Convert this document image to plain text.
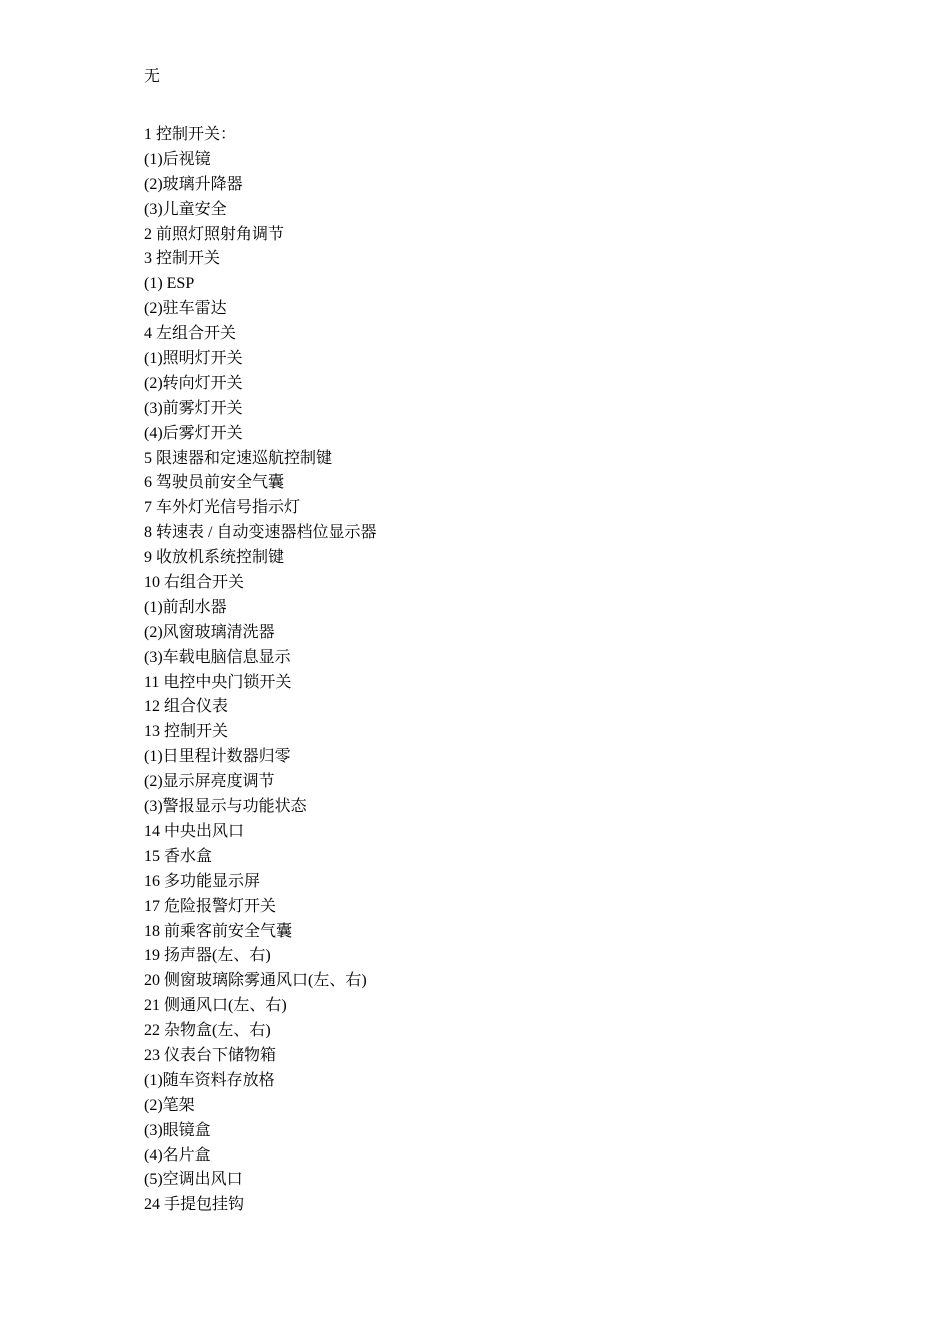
无
1 控制开关：
(1)后视镜
(2)玻璃升降器
(3)儿童安全
2 前照灯照射角调节
3 控制开关
(1) ESP
(2)驻车雷达
4 左组合开关
(1)照明灯开关
(2)转向灯开关
(3)前雾灯开关
(4)后雾灯开关
5 限速器和定速巡航控制键
6 驾驶员前安全气囊
7 车外灯光信号指示灯
8 转速表 / 自动变速器档位显示器
9 收放机系统控制键
10 右组合开关
(1)前刮水器
(2)风窗玻璃清洗器
(3)车载电脑信息显示
11 电控中央门锁开关
12 组合仪表
13 控制开关
(1)日里程计数器归零
(2)显示屏亮度调节
(3)警报显示与功能状态
14 中央出风口
15 香水盒
16 多功能显示屏
17 危险报警灯开关
18 前乘客前安全气囊
19 扬声器(左、右)
20 侧窗玻璃除雾通风口(左、右)
21 侧通风口(左、右)
22 杂物盒(左、右)
23 仪表台下储物箱
(1)随车资料存放格
(2)笔架
(3)眼镜盒
(4)名片盒
(5)空调出风口
24 手提包挂钩
